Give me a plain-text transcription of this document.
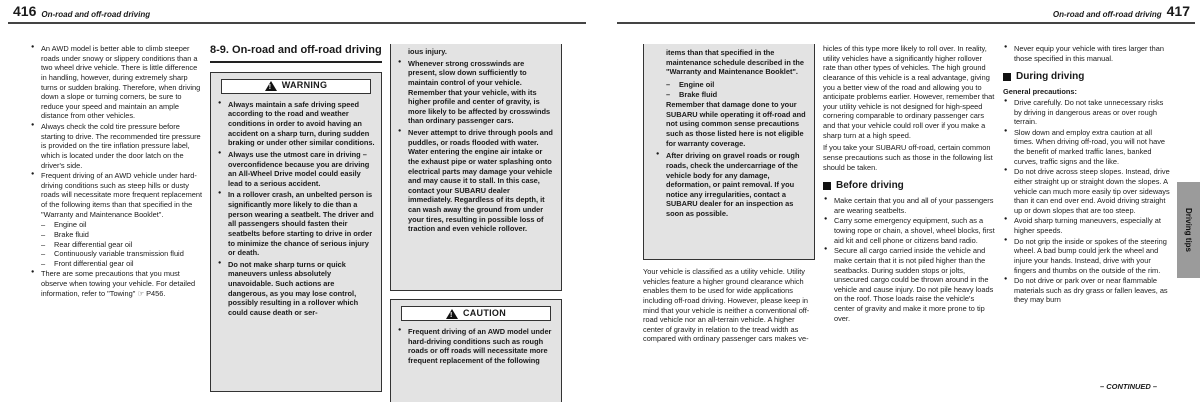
416 On-road and off-road driving	On-road and off-road driving 417
● An AWD model is better able to climb steeper roads under snowy or slippery conditions than a two wheel drive vehicle. There is little difference in handling, however, during extremely sharp turns or sudden braking. Therefore, when driving down a slope or turning corners, be sure to reduce your speed and maintain an ample distance from other vehicles.
● Always check the cold tire pressure before starting to drive. The recommended tire pressure is provided on the tire inflation pressure label, which is located under the door latch on the driver's side.
● Frequent driving of an AWD vehicle under hard-driving conditions such as steep hills or dusty roads will necessitate more frequent replacement of the following items than that specified in the "Warranty and Maintenance Booklet".
– Engine oil
– Brake fluid
– Rear differential gear oil
– Continuously variable transmission fluid
– Front differential gear oil
● There are some precautions that you must observe when towing your vehicle. For detailed information, refer to "Towing" ☞ P456.
8-9. On-road and off-road driving
! WARNING
● Always maintain a safe driving speed according to the road and weather conditions in order to avoid having an accident on a sharp turn, during sudden braking or under other similar conditions.
● Always use the utmost care in driving – overconfidence because you are driving an All-Wheel Drive model could easily lead to a serious accident.
● In a rollover crash, an unbelted person is significantly more likely to die than a person wearing a seatbelt. The driver and all passengers should fasten their seatbelts before starting to drive in order to minimize the chance of serious injury or death.
● Do not make sharp turns or quick maneuvers unless absolutely unavoidable. Such actions are dangerous, as you may lose control, possibly resulting in a rollover which could cause death or ser-
ious injury.
● Whenever strong crosswinds are present, slow down sufficiently to maintain control of your vehicle. Remember that your vehicle, with its higher profile and center of gravity, is more likely to be affected by crosswinds than ordinary passenger cars.
● Never attempt to drive through pools and puddles, or roads flooded with water. Water entering the engine air intake or the exhaust pipe or water splashing onto electrical parts may damage your vehicle and may cause it to stall. In this case, contact your SUBARU dealer immediately. Regardless of its depth, it can wash away the ground from under your tires, resulting in possible loss of traction and even vehicle rollover.
! CAUTION
● Frequent driving of an AWD model under hard-driving conditions such as rough roads or off roads will necessitate more frequent replacement of the following
items than that specified in the maintenance schedule described in the "Warranty and Maintenance Booklet".
– Engine oil
– Brake fluid
Remember that damage done to your SUBARU while operating it off-road and not using common sense precautions such as those listed here is not eligible for warranty coverage.
● After driving on gravel roads or rough roads, check the undercarriage of the vehicle body for any damage, deformation, or paint removal. If you notice any irregularities, contact a SUBARU dealer for an inspection as soon as possible.
Your vehicle is classified as a utility vehicle. Utility vehicles feature a higher ground clearance which enables them to be used for wide applications including off-road driving. However, please keep in mind that your vehicle is neither a conventional off-road vehicle nor an all-terrain vehicle. A higher center of gravity in relation to the tread width as compared with ordinary passenger cars makes ve-
hicles of this type more likely to roll over. In reality, utility vehicles have a significantly higher rollover rate than other types of vehicles. The high ground clearance of this vehicle is a real advantage, giving you a better view of the road and allowing you to anticipate problems earlier. However, remember that your utility vehicle is not designed for high-speed cornering comparable to ordinary passenger cars and that your vehicle could roll over if you make a sharp turn at a high speed.
If you take your SUBARU off-road, certain common sense precautions such as those in the following list should be taken.
Before driving
● Make certain that you and all of your passengers are wearing seatbelts.
● Carry some emergency equipment, such as a towing rope or chain, a shovel, wheel blocks, first aid kit and cell phone or citizens band radio.
● Secure all cargo carried inside the vehicle and make certain that it is not piled higher than the seatbacks. During sudden stops or jolts, unsecured cargo could be thrown around in the vehicle and cause injury. Do not pile heavy loads on the roof. Those loads raise the vehicle's center of gravity and make it more prone to tip over.
● Never equip your vehicle with tires larger than those specified in this manual.
During driving
General precautions:
● Drive carefully. Do not take unnecessary risks by driving in dangerous areas or over rough terrain.
● Slow down and employ extra caution at all times. When driving off-road, you will not have the benefit of marked traffic lanes, banked curves, traffic signs and the like.
● Do not drive across steep slopes. Instead, drive either straight up or straight down the slopes. A vehicle can much more easily tip over sideways than it can end over end. Avoid driving straight up or down slopes that are too steep.
● Avoid sharp turning maneuvers, especially at higher speeds.
● Do not grip the inside or spokes of the steering wheel. A bad bump could jerk the wheel and injure your hands. Instead, drive with your fingers and thumbs on the outside of the rim.
● Do not drive or park over or near flammable materials such as dry grass or fallen leaves, as they may burn
Driving tips
– CONTINUED –
